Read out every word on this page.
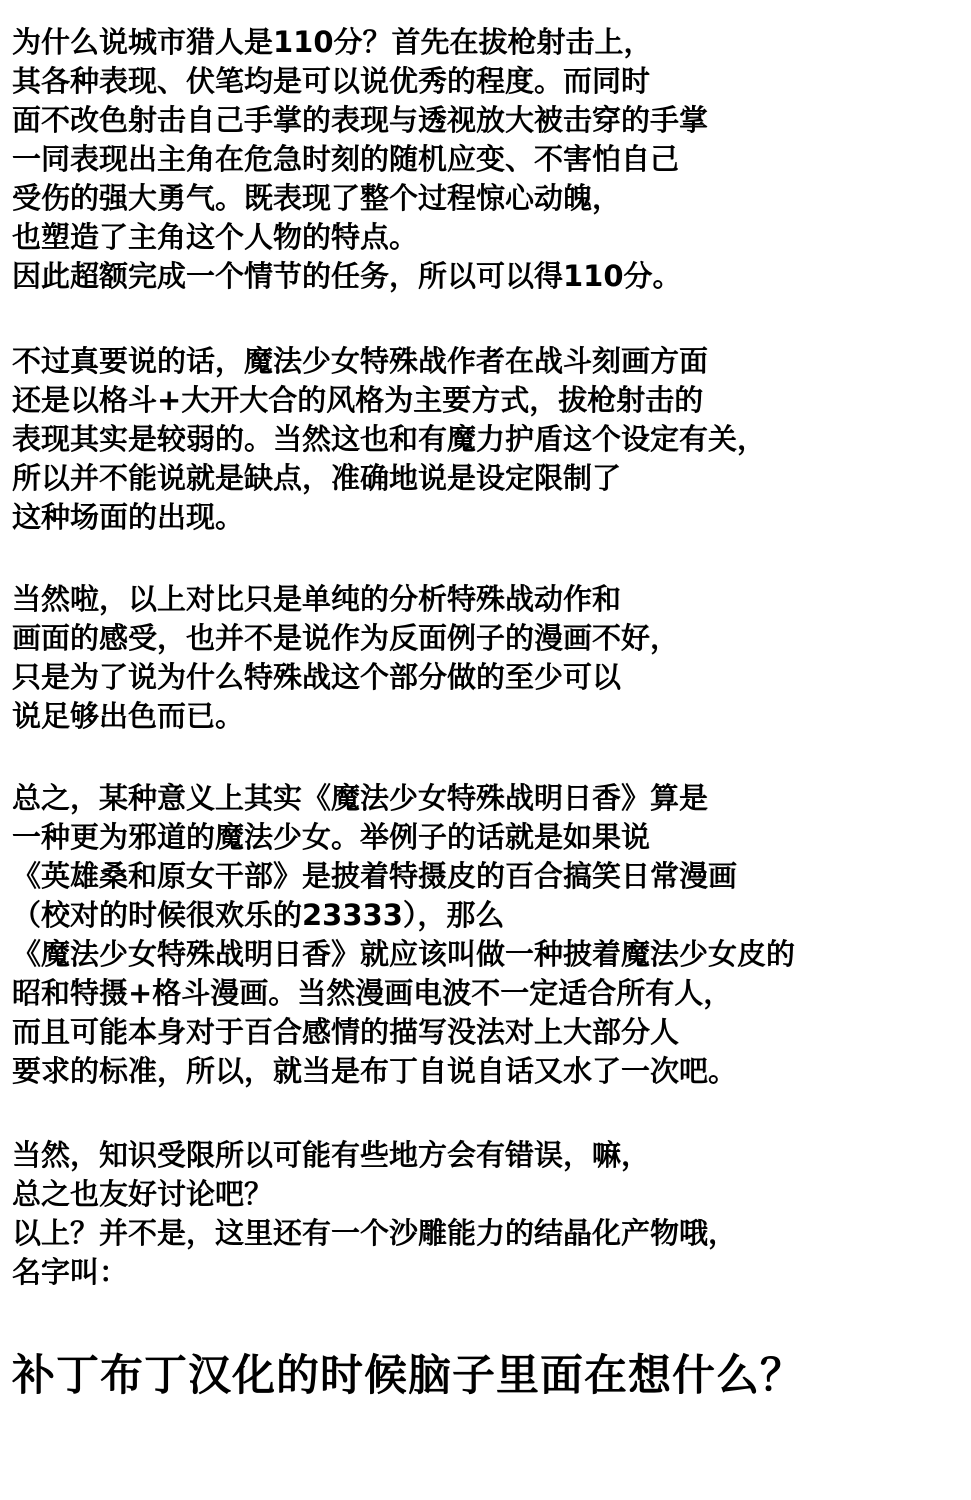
为什么说城市猎人是110分？首先在拔枪射击上，
其各种表现、伏笔均是可以说优秀的程度。而同时
面不改色射击自己手掌的表现与透视放大被击穿的手掌
一同表现出主角在危急时刻的随机应变、不害怕自己
受伤的强大勇气。既表现了整个过程惊心动魄，
也塑造了主角这个人物的特点。
因此超额完成一个情节的任务，所以可以得110分。
不过真要说的话，魔法少女特殊战作者在战斗刻画方面
还是以格斗+大开大合的风格为主要方式，拔枪射击的
表现其实是较弱的。当然这也和有魔力护盾这个设定有关，
所以并不能说就是缺点，准确地说是设定限制了
这种场面的出现。
当然啦，以上对比只是单纯的分析特殊战动作和
画面的感受，也并不是说作为反面例子的漫画不好，
只是为了说为什么特殊战这个部分做的至少可以
说足够出色而已。
总之，某种意义上其实《魔法少女特殊战明日香》算是
一种更为邪道的魔法少女。举例子的话就是如果说
《英雄桑和原女干部》是披着特摄皮的百合搞笑日常漫画
（校对的时候很欢乐的23333），那么
《魔法少女特殊战明日香》就应该叫做一种披着魔法少女皮的
昭和特摄+格斗漫画。当然漫画电波不一定适合所有人，
而且可能本身对于百合感情的描写没法对上大部分人
要求的标准，所以，就当是布丁自说自话又水了一次吧。
当然，知识受限所以可能有些地方会有错误，嘛，
总之也友好讨论吧？
以上？并不是，这里还有一个沙雕能力的结晶化产物哦，
名字叫：
补丁布丁汉化的时候脑子里面在想什么？
